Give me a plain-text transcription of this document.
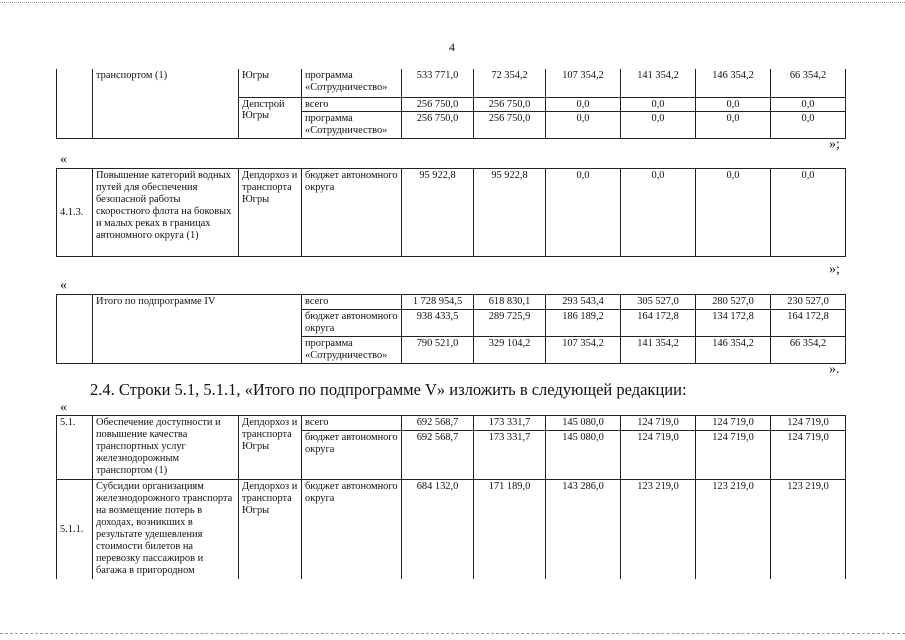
4
	транспортом (1)	Югры	программа «Сотрудничество»	533 771,0	72 354,2	107 354,2	141 354,2	146 354,2	66 354,2
		Депстрой Югры	всего	256 750,0	256 750,0	0,0	0,0	0,0	0,0
			программа «Сотрудничество»	256 750,0	256 750,0	0,0	0,0	0,0	0,0
»;
«
4.1.3.	Повышение категорий водных путей для обеспечения безопасной работы скоростного флота на боковых и малых реках в границах автономного округа (1)	Депдорхоз и транспорта Югры	бюджет автономного округа	95 922,8	95 922,8	0,0	0,0	0,0	0,0
»;
«
	Итого по подпрограмме IV	всего	1 728 954,5	618 830,1	293 543,4	305 527,0	280 527,0	230 527,0
		бюджет автономного округа	938 433,5	289 725,9	186 189,2	164 172,8	134 172,8	164 172,8
		программа «Сотрудничество»	790 521,0	329 104,2	107 354,2	141 354,2	146 354,2	66 354,2
».
2.4. Строки 5.1, 5.1.1, «Итого по подпрограмме V» изложить в следующей редакции:
«
5.1.	Обеспечение доступности и повышение качества транспортных услуг железнодорожным транспортом (1)	Депдорхоз и транспорта Югры	всего	692 568,7	173 331,7	145 080,0	124 719,0	124 719,0	124 719,0
			бюджет автономного округа	692 568,7	173 331,7	145 080,0	124 719,0	124 719,0	124 719,0
5.1.1.	Субсидии организациям железнодорожного транспорта на возмещение потерь в доходах, возникших в результате удешевления стоимости билетов на перевозку пассажиров и багажа в пригородном	Депдорхоз и транспорта Югры	бюджет автономного округа	684 132,0	171 189,0	143 286,0	123 219,0	123 219,0	123 219,0
